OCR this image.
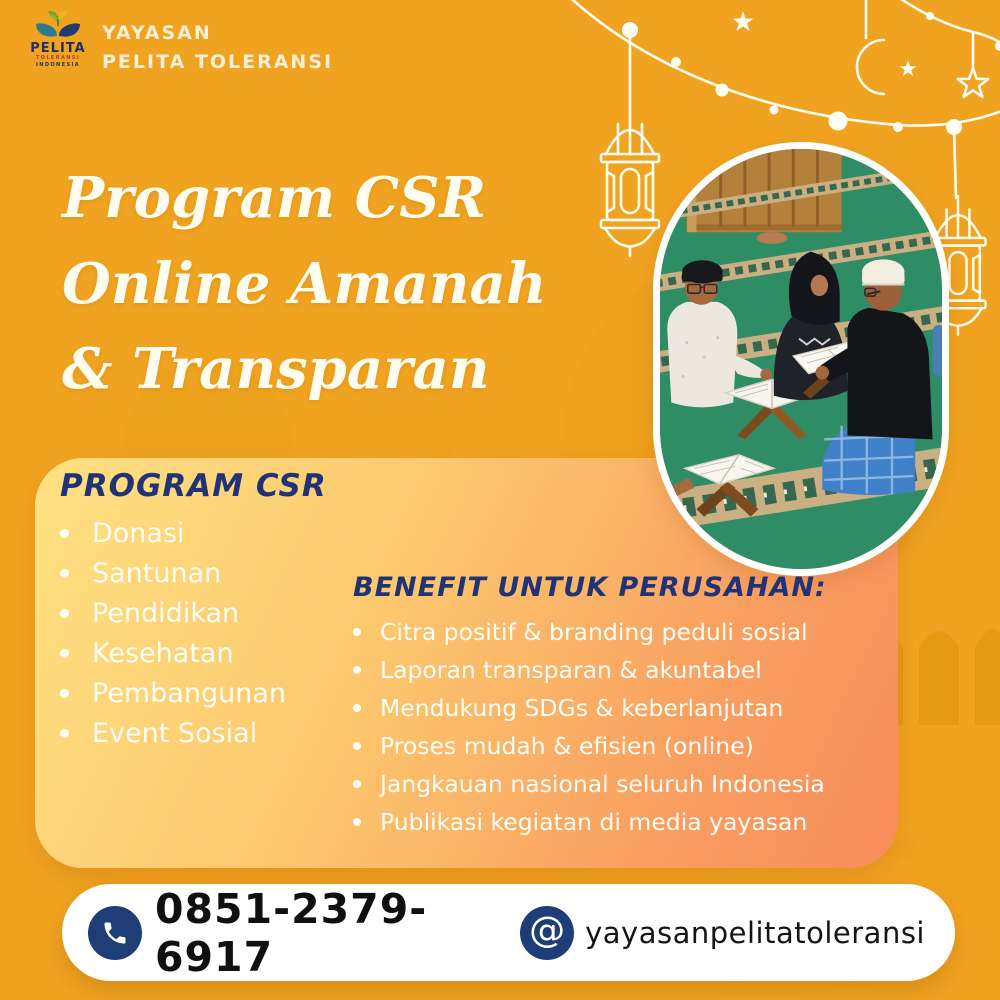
PELITA
TOLERANSI
INDONESIA
YAYASAN
PELITA TOLERANSI
Program CSR
Online Amanah
& Transparan
PROGRAM CSR
Donasi
Santunan
Pendidikan
Kesehatan
Pembangunan
Event Sosial
BENEFIT UNTUK PERUSAHAN:
Citra positif & branding peduli sosial
Laporan transparan & akuntabel
Mendukung SDGs & keberlanjutan
Proses mudah & efisien (online)
Jangkauan nasional seluruh Indonesia
Publikasi kegiatan di media yayasan
0851-2379-6917
@ yayasanpelitatoleransi
